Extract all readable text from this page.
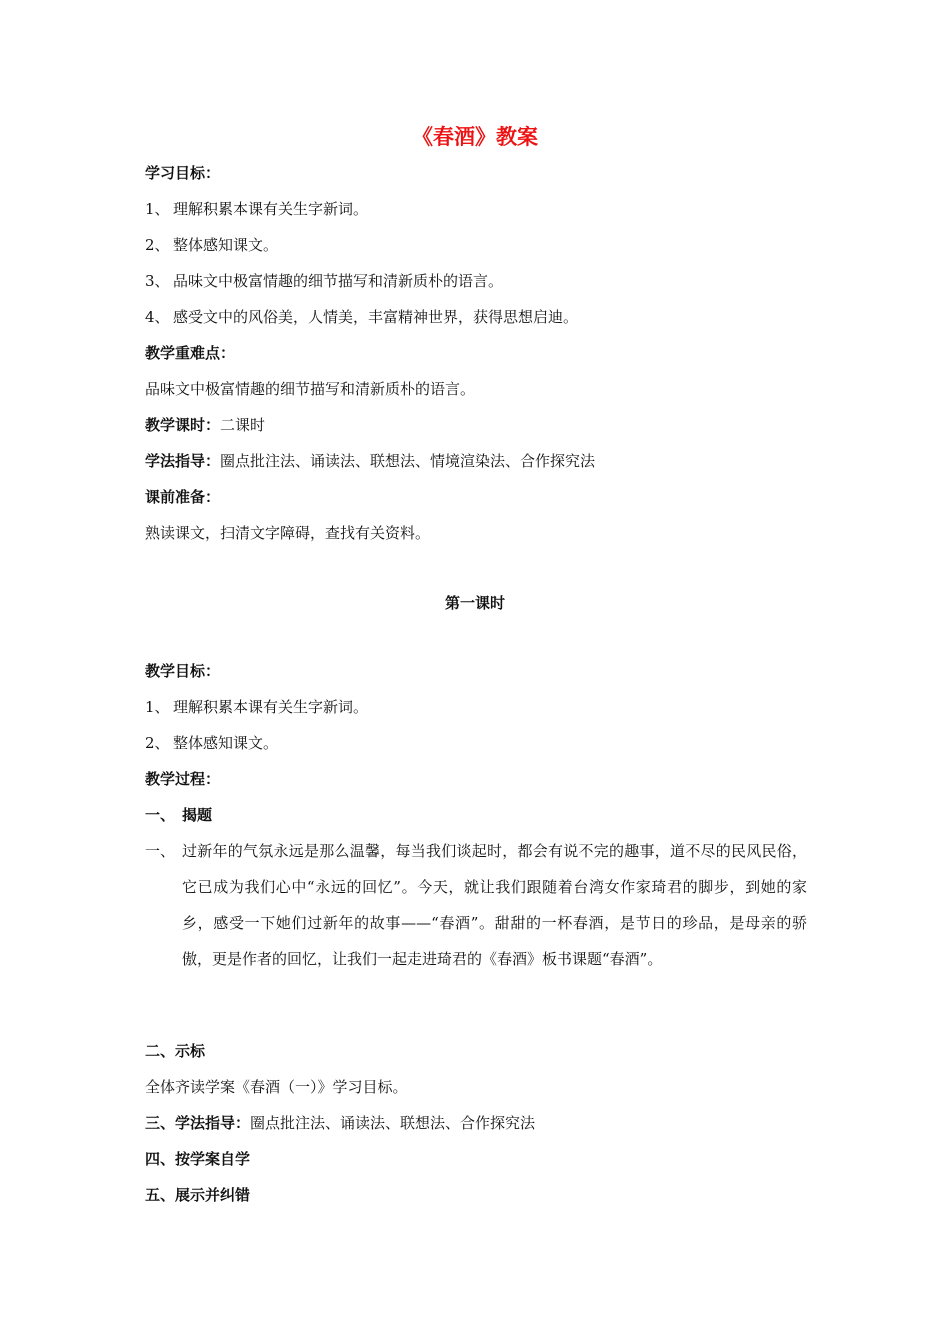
《春酒》教案
学习目标：
1、 理解积累本课有关生字新词。
2、 整体感知课文。
3、 品味文中极富情趣的细节描写和清新质朴的语言。
4、 感受文中的风俗美，人情美，丰富精神世界，获得思想启迪。
教学重难点：
品味文中极富情趣的细节描写和清新质朴的语言。
教学课时：二课时
学法指导：圈点批注法、诵读法、联想法、情境渲染法、合作探究法
课前准备：
熟读课文，扫清文字障碍，查找有关资料。
第一课时
教学目标：
1、 理解积累本课有关生字新词。
2、 整体感知课文。
教学过程：
一、 揭题
一、 过新年的气氛永远是那么温馨，每当我们谈起时，都会有说不完的趣事，道不尽的民风民俗，它已成为我们心中“永远的回忆”。今天，就让我们跟随着台湾女作家琦君的脚步，到她的家乡，感受一下她们过新年的故事——“春酒”。甜甜的一杯春酒，是节日的珍品，是母亲的骄傲，更是作者的回忆，让我们一起走进琦君的《春酒》板书课题“春酒”。
二、示标
全体齐读学案《春酒（一）》学习目标。
三、学法指导：圈点批注法、诵读法、联想法、合作探究法
四、按学案自学
五、展示并纠错
